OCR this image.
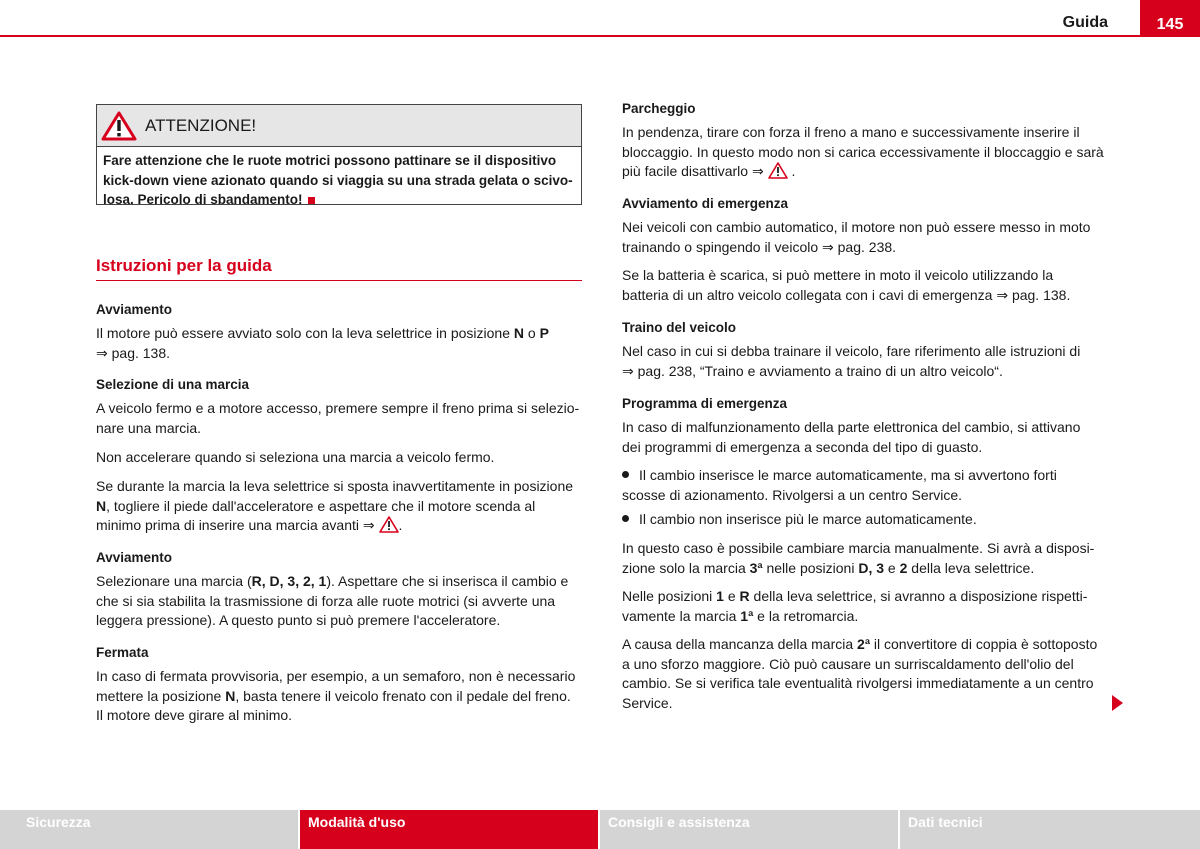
Guida	145
ATTENZIONE!
Fare attenzione che le ruote motrici possono pattinare se il dispositivo
kick-down viene azionato quando si viaggia su una strada gelata o scivo-
losa. Pericolo di sbandamento!
Istruzioni per la guida
Avviamento
Il motore può essere avviato solo con la leva selettrice in posizione N o P
⇒ pag. 138.
Selezione di una marcia
A veicolo fermo e a motore accesso, premere sempre il freno prima si selezio-
nare una marcia.
Non accelerare quando si seleziona una marcia a veicolo fermo.
Se durante la marcia la leva selettrice si sposta inavvertitamente in posizione
N, togliere il piede dall'acceleratore e aspettare che il motore scenda al
minimo prima di inserire una marcia avanti ⇒ .
Avviamento
Selezionare una marcia (R, D, 3, 2, 1). Aspettare che si inserisca il cambio e
che si sia stabilita la trasmissione di forza alle ruote motrici (si avverte una
leggera pressione). A questo punto si può premere l'acceleratore.
Fermata
In caso di fermata provvisoria, per esempio, a un semaforo, non è necessario
mettere la posizione N, basta tenere il veicolo frenato con il pedale del freno.
Il motore deve girare al minimo.
Parcheggio
In pendenza, tirare con forza il freno a mano e successivamente inserire il
bloccaggio. In questo modo non si carica eccessivamente il bloccaggio e sarà
più facile disattivarlo ⇒ .
Avviamento di emergenza
Nei veicoli con cambio automatico, il motore non può essere messo in moto
trainando o spingendo il veicolo ⇒ pag. 238.
Se la batteria è scarica, si può mettere in moto il veicolo utilizzando la
batteria di un altro veicolo collegata con i cavi di emergenza ⇒ pag. 138.
Traino del veicolo
Nel caso in cui si debba trainare il veicolo, fare riferimento alle istruzioni di
⇒ pag. 238, “Traino e avviamento a traino di un altro veicolo“.
Programma di emergenza
In caso di malfunzionamento della parte elettronica del cambio, si attivano
dei programmi di emergenza a seconda del tipo di guasto.
Il cambio inserisce le marce automaticamente, ma si avvertono forti
scosse di azionamento. Rivolgersi a un centro Service.
Il cambio non inserisce più le marce automaticamente.
In questo caso è possibile cambiare marcia manualmente. Si avrà a disposi-
zione solo la marcia 3ª nelle posizioni D, 3 e 2 della leva selettrice.
Nelle posizioni 1 e R della leva selettrice, si avranno a disposizione rispetti-
vamente la marcia 1ª e la retromarcia.
A causa della mancanza della marcia 2ª il convertitore di coppia è sottoposto
a uno sforzo maggiore. Ciò può causare un surriscaldamento dell'olio del
cambio. Se si verifica tale eventualità rivolgersi immediatamente a un centro
Service.
Sicurezza	Modalità d'uso	Consigli e assistenza	Dati tecnici
